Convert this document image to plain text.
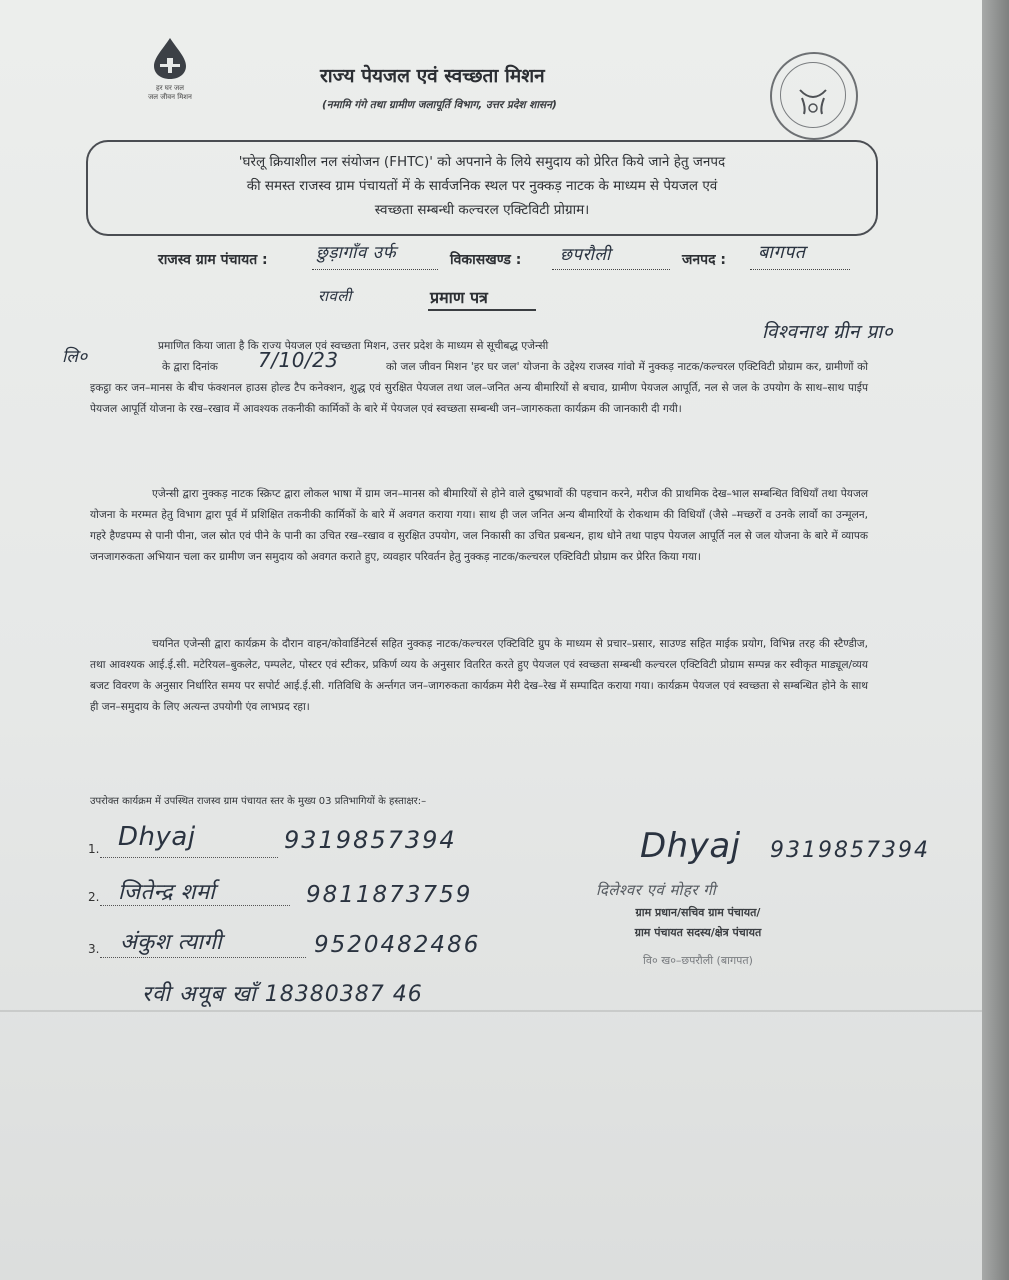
हर घर जल
जल जीवन मिशन
राज्य पेयजल एवं स्वच्छता मिशन
(नमामि गंगे तथा ग्रामीण जलापूर्ति विभाग, उत्तर प्रदेश शासन)
'घरेलू क्रियाशील नल संयोजन (FHTC)' को अपनाने के लिये समुदाय को प्रेरित किये जाने हेतु जनपद
की समस्त राजस्व ग्राम पंचायतों में के सार्वजनिक स्थल पर नुक्कड़ नाटक के माध्यम से पेयजल एवं
स्वच्छता सम्बन्धी कल्चरल एक्टिविटी प्रोग्राम।
राजस्व ग्राम पंचायत :	छुड़ागाँव उर्फ
रावली
विकासखण्ड : छपरौली	जनपद : बागपत
प्रमाण पत्र
विश्वनाथ ग्रीन प्रा०
लि०	7/10/23
प्रमाणित किया जाता है कि राज्य पेयजल एवं स्वच्छता मिशन, उत्तर प्रदेश के माध्यम से सूचीबद्ध एजेन्सी
के द्वारा दिनांक	को जल जीवन मिशन 'हर घर जल' योजना के उद्देश्य राजस्व गांवो में नुक्कड़ नाटक/कल्चरल एक्टिविटी प्रोग्राम कर, ग्रामीणों को इकट्ठा कर जन–मानस के बीच फंक्शनल हाउस होल्ड टैप कनेक्शन, शुद्ध एवं सुरक्षित पेयजल तथा जल–जनित अन्य बीमारियों से बचाव, ग्रामीण पेयजल आपूर्ति, नल से जल के उपयोग के साथ–साथ पाईप पेयजल आपूर्ति योजना के रख–रखाव में आवश्यक तकनीकी कार्मिकों के बारे में पेयजल एवं स्वच्छता सम्बन्धी जन–जागरुकता कार्यक्रम की जानकारी दी गयी।
एजेन्सी द्वारा नुक्कड़ नाटक स्क्रिप्ट द्वारा लोकल भाषा में ग्राम जन–मानस को बीमारियों से होने वाले दुष्प्रभावों की पहचान करने, मरीज की प्राथमिक देख–भाल सम्बन्धित विधियाँ तथा पेयजल योजना के मरम्मत हेतु विभाग द्वारा पूर्व में प्रशिक्षित तकनीकी कार्मिकों के बारे में अवगत कराया गया। साथ ही जल जनित अन्य बीमारियों के रोकथाम की विधियाँ (जैसे –मच्छरों व उनके लार्वो का उन्मूलन, गहरे हैण्डपम्प से पानी पीना, जल स्रोत एवं पीने के पानी का उचित रख–रखाव व सुरक्षित उपयोग, जल निकासी का उचित प्रबन्धन, हाथ धोने तथा पाइप पेयजल आपूर्ति नल से जल योजना के बारे में व्यापक जनजागरुकता अभियान चला कर ग्रामीण जन समुदाय को अवगत कराते हुए, व्यवहार परिवर्तन हेतु नुक्कड़ नाटक/कल्चरल एक्टिविटी प्रोग्राम कर प्रेरित किया गया।
चयनित एजेन्सी द्वारा कार्यक्रम के दौरान वाहन/कोवार्डिनेटर्स सहित नुक्कड़ नाटक/कल्चरल एक्टिविटि ग्रुप के माध्यम से प्रचार–प्रसार, साउण्ड सहित माईक प्रयोग, विभिन्न तरह की स्टैण्डीज, तथा आवश्यक आई.ई.सी. मटेरियल–बुकलेट, पम्पलेट, पोस्टर एवं स्टीकर, प्रकिर्ण व्यय के अनुसार वितरित करते हुए पेयजल एवं स्वच्छता सम्बन्धी कल्चरल एक्टिविटी प्रोग्राम सम्पन्न कर स्वीकृत माड्यूल/व्यय बजट विवरण के अनुसार निर्धारित समय पर सपोर्ट आई.ई.सी. गतिविधि के अर्न्तगत जन–जागरुकता कार्यक्रम मेरी देख–रेख में सम्पादित कराया गया। कार्यक्रम पेयजल एवं स्वच्छता से सम्बन्धित होने के साथ ही जन–समुदाय के लिए अत्यन्त उपयोगी एंव लाभप्रद रहा।
उपरोक्त कार्यक्रम में उपस्थित राजस्व ग्राम पंचायत स्तर के मुख्य 03 प्रतिभागियों के हस्ताक्षर:–
1. Dhyaj	9319857394
2. जितेन्द्र शर्मा	9811873759
3. अंकुश त्यागी	9520482486
रवी अयूब खाँ 18380387 46
Dhyaj 9319857394
दिलेश्वर एवं मोहर गी
ग्राम प्रधान/सचिव ग्राम पंचायत/
ग्राम पंचायत सदस्य/क्षेत्र पंचायत
वि० ख०–छपरौली (बागपत)
